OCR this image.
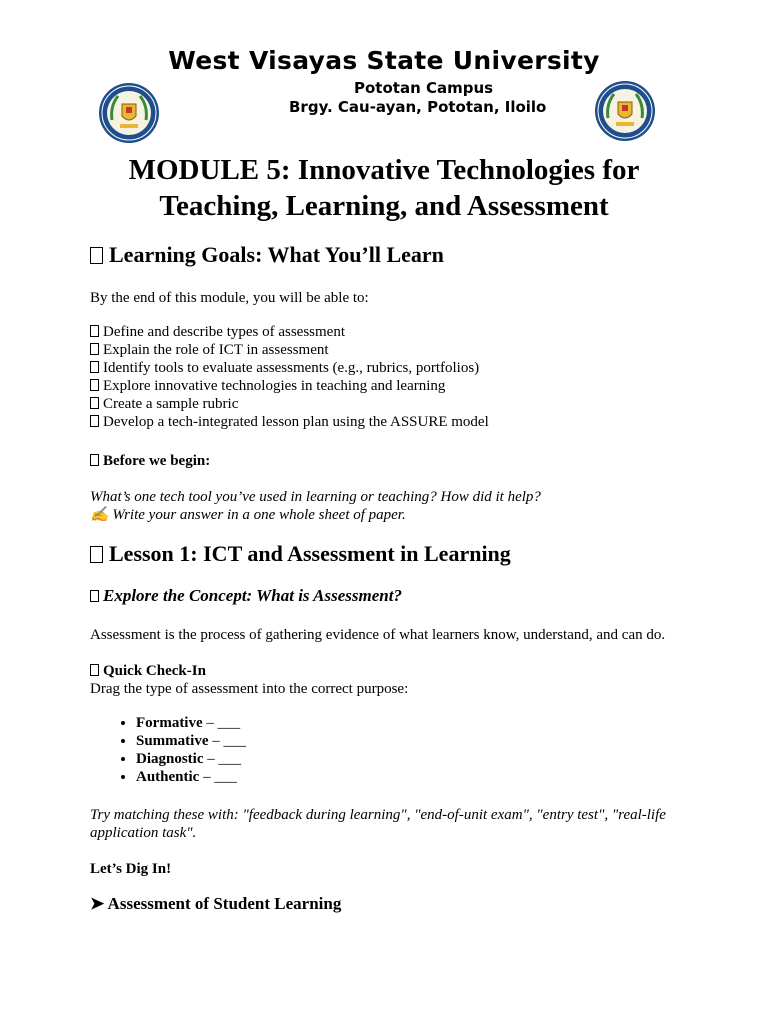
West Visayas State University
Pototan Campus
Brgy. Cau-ayan, Pototan, Iloilo
MODULE 5: Innovative Technologies for Teaching, Learning, and Assessment
Learning Goals: What You’ll Learn

By the end of this module, you will be able to:

Define and describe types of assessment
Explain the role of ICT in assessment
Identify tools to evaluate assessments (e.g., rubrics, portfolios)
Explore innovative technologies in teaching and learning
Create a sample rubric
Develop a tech-integrated lesson plan using the ASSURE model

Before we begin:

What’s one tech tool you’ve used in learning or teaching? How did it help?

✍ Write your answer in a one whole sheet of paper.

Lesson 1: ICT and Assessment in Learning
Explore the Concept: What is Assessment?

Assessment is the process of gathering evidence of what learners know, understand, and can do.

Quick Check-In

Drag the type of assessment into the correct purpose:

• Formative – ___
• Summative – ___
• Diagnostic – ___
• Authentic – ___

Try matching these with: "feedback during learning", "end-of-unit exam", "entry test", "real-life application task".

Let’s Dig In!

➤ Assessment of Student Learning
